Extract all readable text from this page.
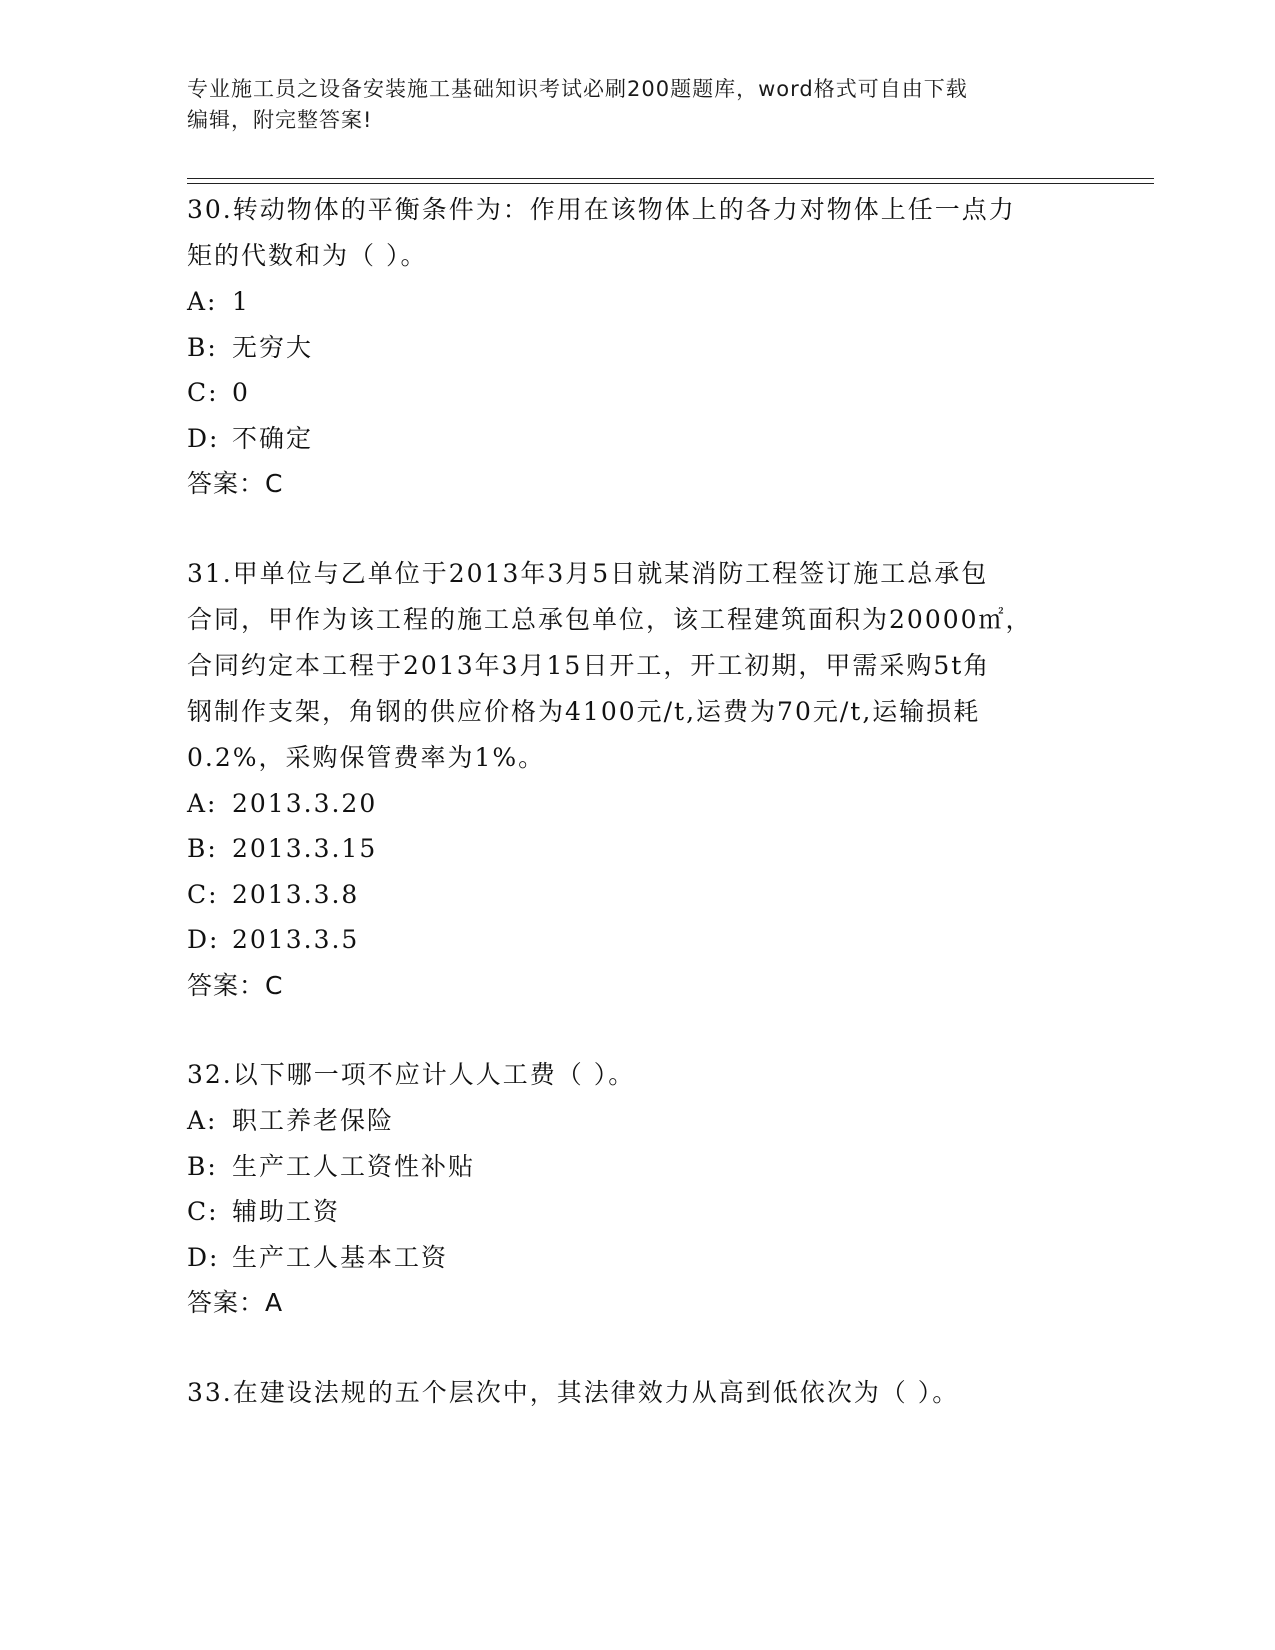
专业施工员之设备安装施工基础知识考试必刷200题题库，word格式可自由下载
编辑，附完整答案!

30.转动物体的平衡条件为：作用在该物体上的各力对物体上任一点力

矩的代数和为（ ）。

A: 1

B: 无穷大

C: 0

D: 不确定

答案：C

31.甲单位与乙单位于2013年3月5日就某消防工程签订施工总承包

合同，甲作为该工程的施工总承包单位，该工程建筑面积为20000㎡，

合同约定本工程于2013年3月15日开工，开工初期，甲需采购5t角

钢制作支架，角钢的供应价格为4100元/t,运费为70元/t,运输损耗

0.2%，采购保管费率为1%。

A: 2013.3.20

B: 2013.3.15

C: 2013.3.8

D: 2013.3.5

答案：C

32.以下哪一项不应计人人工费（ ）。

A: 职工养老保险

B: 生产工人工资性补贴

C: 辅助工资

D: 生产工人基本工资

答案：A

33.在建设法规的五个层次中，其法律效力从高到低依次为（ ）。
